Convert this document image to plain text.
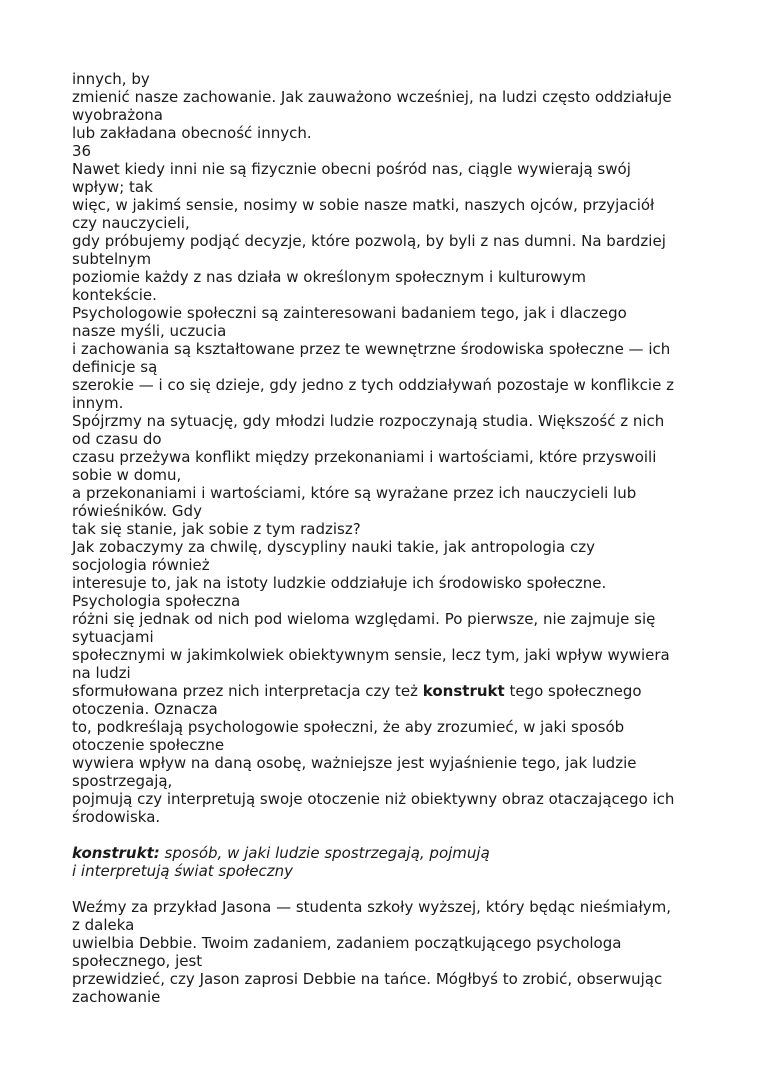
innych, by
zmienić nasze zachowanie. Jak zauważono wcześniej, na ludzi często oddziałuje
wyobrażona
lub zakładana obecność innych.
36
Nawet kiedy inni nie są fizycznie obecni pośród nas, ciągle wywierają swój
wpływ; tak
więc, w jakimś sensie, nosimy w sobie nasze matki, naszych ojców, przyjaciół
czy nauczycieli,
gdy próbujemy podjąć decyzje, które pozwolą, by byli z nas dumni. Na bardziej
subtelnym
poziomie każdy z nas działa w określonym społecznym i kulturowym
kontekście.
Psychologowie społeczni są zainteresowani badaniem tego, jak i dlaczego
nasze myśli, uczucia
i zachowania są kształtowane przez te wewnętrzne środowiska społeczne — ich
definicje są
szerokie — i co się dzieje, gdy jedno z tych oddziaływań pozostaje w konflikcie z
innym.
Spójrzmy na sytuację, gdy młodzi ludzie rozpoczynają studia. Większość z nich
od czasu do
czasu przeżywa konflikt między przekonaniami i wartościami, które przyswoili
sobie w domu,
a przekonaniami i wartościami, które są wyrażane przez ich nauczycieli lub
rówieśników. Gdy
tak się stanie, jak sobie z tym radzisz?
Jak zobaczymy za chwilę, dyscypliny nauki takie, jak antropologia czy
socjologia również
interesuje to, jak na istoty ludzkie oddziałuje ich środowisko społeczne.
Psychologia społeczna
różni się jednak od nich pod wieloma względami. Po pierwsze, nie zajmuje się
sytuacjami
społecznymi w jakimkolwiek obiektywnym sensie, lecz tym, jaki wpływ wywiera
na ludzi
sformułowana przez nich interpretacja czy też konstrukt tego społecznego
otoczenia. Oznacza
to, podkreślają psychologowie społeczni, że aby zrozumieć, w jaki sposób
otoczenie społeczne
wywiera wpływ na daną osobę, ważniejsze jest wyjaśnienie tego, jak ludzie
spostrzegają,
pojmują czy interpretują swoje otoczenie niż obiektywny obraz otaczającego ich
środowiska.
konstrukt: sposób, w jaki ludzie spostrzegają, pojmują
i interpretują świat społeczny
Weźmy za przykład Jasona — studenta szkoły wyższej, który będąc nieśmiałym,
z daleka
uwielbia Debbie. Twoim zadaniem, zadaniem początkującego psychologa
społecznego, jest
przewidzieć, czy Jason zaprosi Debbie na tańce. Mógłbyś to zrobić, obserwując
zachowanie
